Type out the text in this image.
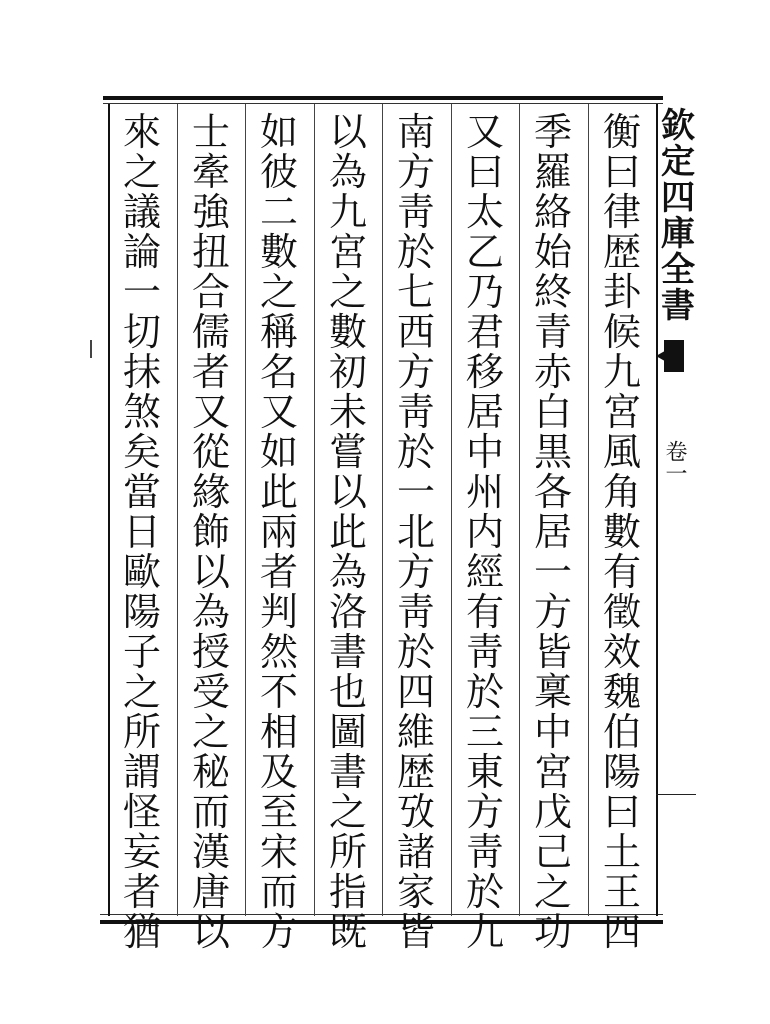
衡
曰
律
歴
卦
候
九
宮
風
角
數
有
徵
效
魏
伯
陽
曰
土
王
四
季
羅
絡
始
終
青
赤
白
黒
各
居
一
方
皆
稟
中
宮
戊
己
之
功
又
曰
太
乙
乃
君
移
居
中
州
内
經
有
靑
於
三
東
方
靑
於
九
南
方
靑
於
七
西
方
靑
於
一
北
方
靑
於
四
維
歴
攷
諸
家
皆
以
為
九
宮
之
數
初
未
嘗
以
此
為
洛
書
也
圖
書
之
所
指
既
如
彼
二
數
之
稱
名
又
如
此
兩
者
判
然
不
相
及
至
宋
而
方
士
牽
強
扭
合
儒
者
又
從
緣
飾
以
為
授
受
之
秘
而
漢
唐
以
來
之
議
論
一
切
抹
煞
矣
當
日
歐
陽
子
之
所
謂
怪
妄
者
猶
欽
定
四
庫
全
書
卷一
